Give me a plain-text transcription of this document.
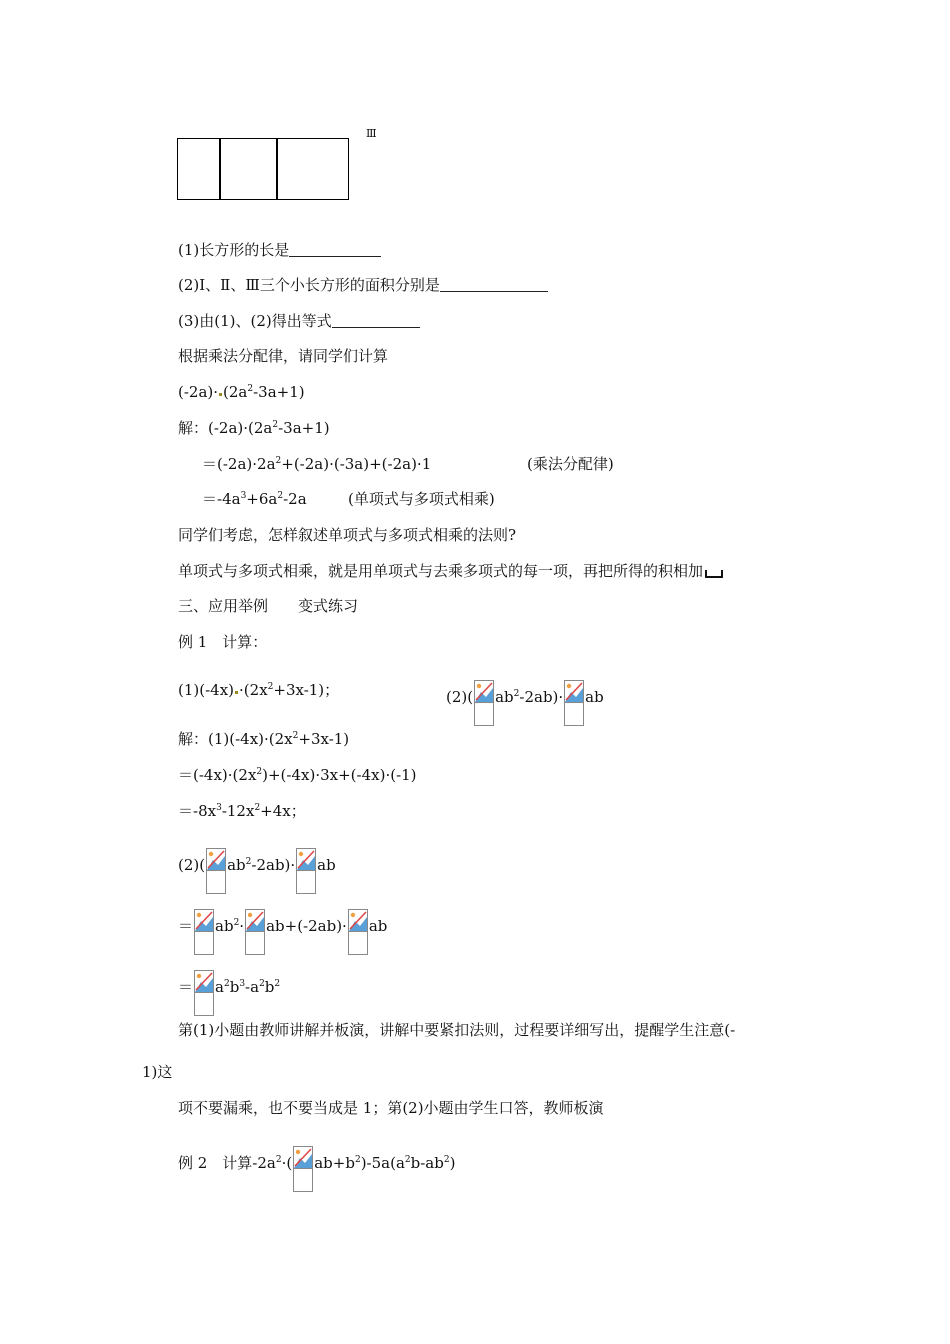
Ⅲ
(1)长方形的长是
(2)Ⅰ、Ⅱ、Ⅲ三个小长方形的面积分别是
(3)由(1)、(2)得出等式
根据乘法分配律，请同学们计算
$(-2a)\cdot (2a^2-3a+1)$
解：$(-2a)\cdot(2a^2-3a+1)$
$=(-2a)\cdot 2a^2+(-2a)\cdot(-3a)+(-2a)\cdot 1$	(乘法分配律)
$=-4a^3+6a^2-2a$	(单项式与多项式相乘)
同学们考虑，怎样叙述单项式与多项式相乘的法则?
单项式与多项式相乘，就是用单项式与去乘多项式的每一项，再把所得的积相加
三、应用举例　　变式练习
例 1　计算：
$(1)(-4x) \cdot(2x^2+3x-1)$；	(2)( $ab^2-2ab)\cdot$ ab
解：$(1)(-4x)\cdot(2x^2+3x-1)$
$=(-4x)\cdot(2x^2)+(-4x)\cdot 3x+(-4x)\cdot(-1)$
$=-8x^3-12x^2+4x$；
(2)( $ab^2-2ab)\cdot$ ab
＝ $ab^2\cdot ab+(-2ab)\cdot$ ab
＝ $a^2b^3-a^2b^2$
第(1)小题由教师讲解并板演，讲解中要紧扣法则，过程要详细写出，提醒学生注意(-
1)这
项不要漏乘，也不要当成是 1；第(2)小题由学生口答，教师板演
例 2　计算$-2a^2\cdot$( $ab+b^2)-5a(a^2b-ab^2)$
